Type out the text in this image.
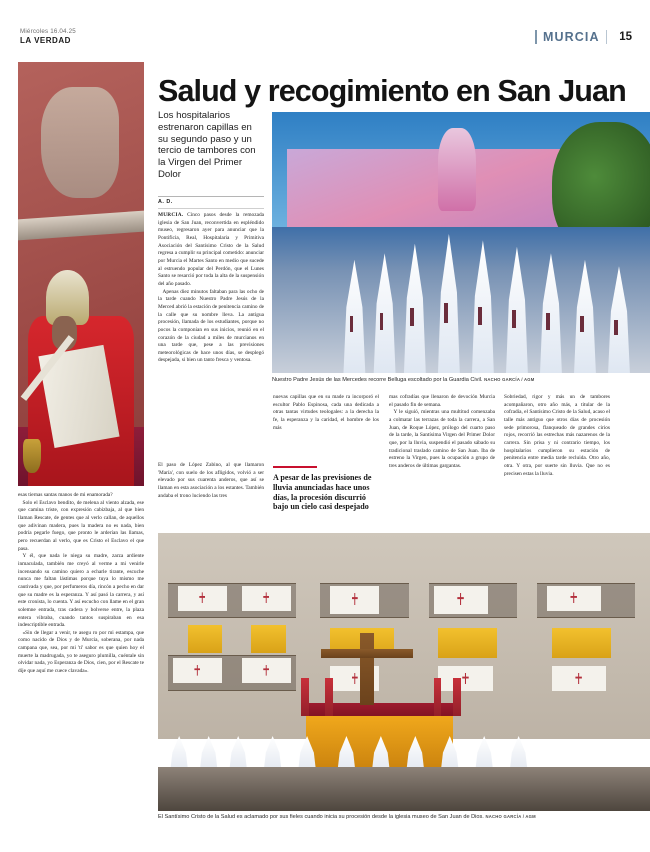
Miércoles 16.04.25
LA VERDAD	MURCIA 15
Salud y recogimiento en San Juan
Los hospitalarios estrenaron capillas en su segundo paso y un tercio de tambores con la Virgen del Primer Dolor
A. D.
Nuestro Padre Jesús de las Mercedes recorre Belluga escoltado por la Guardia Civil. NACHO GARCÍA / AGM

esas tiernas santas manos de mi enamorada?

Solo el Esclavo bendito, de melena al viento alzada, ese que camina triste, con expresión cabizbaja, al que bien llaman Rescate, de gentes que al verlo callan, de aquellos que adivinan madera, pues la madera no es nada, bien podría pegarle fuego, que pronto le arderían las llamas, pero recuerdan al verlo, que es Cristo el Esclavo el que pasa.

Y él, que nada le niega su madre, zarza ardiente inmaculada, también me creyó al verme a mi venirle incensando su camino quiero a echarle tirante, escuche nunca me faltan lástimas porque tuya lo mismo me cautivada y que, por perfumeros día, rincón a pecho en dar que su madre es la esperanza. Y así pasó la carrera, y así este cronista, lo cuenta. Y así escucho con llame en el gran solemne entrada, tras cadera y bolverse entre, la plaza entera vibraba, cuando tantos suspiraban en esa indescriptible entrada.

«Sin de llegar a venir, te asegu ro por mi estampa, que como nacido de Dios y de Murcia, soberana, por nada campana que, sea, por mi 'ti' sabor es que quien hoy el muerte la madrugada, yo te aseguro plumilla, cuéntale sin olvidar nada, yo Esperanza de Dios, cien, por el Rescate te dije que aquí me cuece clavada».

MURCIA. Cinco pasos desde la remozada iglesia de San Juan, reconvertida en espléndido museo, regresaron ayer para anunciar que la Pontificia, Real, Hospitalaria y Primitiva Asociación del Santísimo Cristo de la Salud regresa a cumplir su principal cometido: anunciar por Murcia el Martes Santo en medio que sucede al estruendo popular del Perdón, que el Lunes Santo se resarció por toda la alta de la suspensión del año pasado.

Apenas diez minutos faltaban para las ocho de la tarde cuando Nuestro Padre Jesús de la Merced abrió la estación de penitencia camino de la calle que su nombre lleva. La antigua procesión, llamada de los estudiantes, porque no pocos la componían en sus inicios, reunió en el corazón de la ciudad a miles de murcianos en una tarde que, pese a las previsiones meteorológicas de hace unos días, se desplegó despejada, si bien un tanto fresca y ventosa.

El paso de López Zabino, al que llamaron 'María', con suelo de los afligidos, volvió a ser elevado por sus cuarenta anderos, que así se llaman en esta asociación a los estantes. También andaba el trono luciendo las tres

A pesar de las previsiones de lluvia anunciadas hace unos días, la procesión discurrió bajo un cielo casi despejado

nuevas capillas que en su made ra incorporó el escultor Pablo Espinosa, cada una dedicada a otras tantas virtudes teologales: a la derecha la fe, la esperanza y la caridad, el hombre de los más

mas cofradías que llenaron de devoción Murcia el pasado fin de semana.

Y le siguió, mientras una multitud comenzaba a colmatar las terrazas de toda la carrera, a San Juan, de Roque López, prólogo del cuarto paso de la tarde, la Santísima Virgen del Primer Dolor que, por la lluvia, suspendió el pasado sábado su tradicional traslado camino de San Juan. Iba de estreno la Virgen, pues la ocupación a grupo de tres anderos de últimas gargantas.

Sobriedad, rigor y más un de tambores acompañaron, otro año más, a titular de la cofradía, el Santísimo Cristo de la Salud, acaso el talle más antiguo que otros días de procesión sede primorosa, flanqueado de grandes cirios rojos, recorrió las estrechas más nazarenos de la carrera. Sin prisa y ni contrario tiempo, los hospitalarios cumplieron su estación de penitencia entre media tarde recluida. Otro año, otra. Y otra, por suerte sin lluvia. Que no es precisen estas la lluvia.

El Santísimo Cristo de la Salud es aclamado por sus fieles cuando inicia su procesión desde la iglesia museo de San Juan de Dios. NACHO GARCÍA / AGM
